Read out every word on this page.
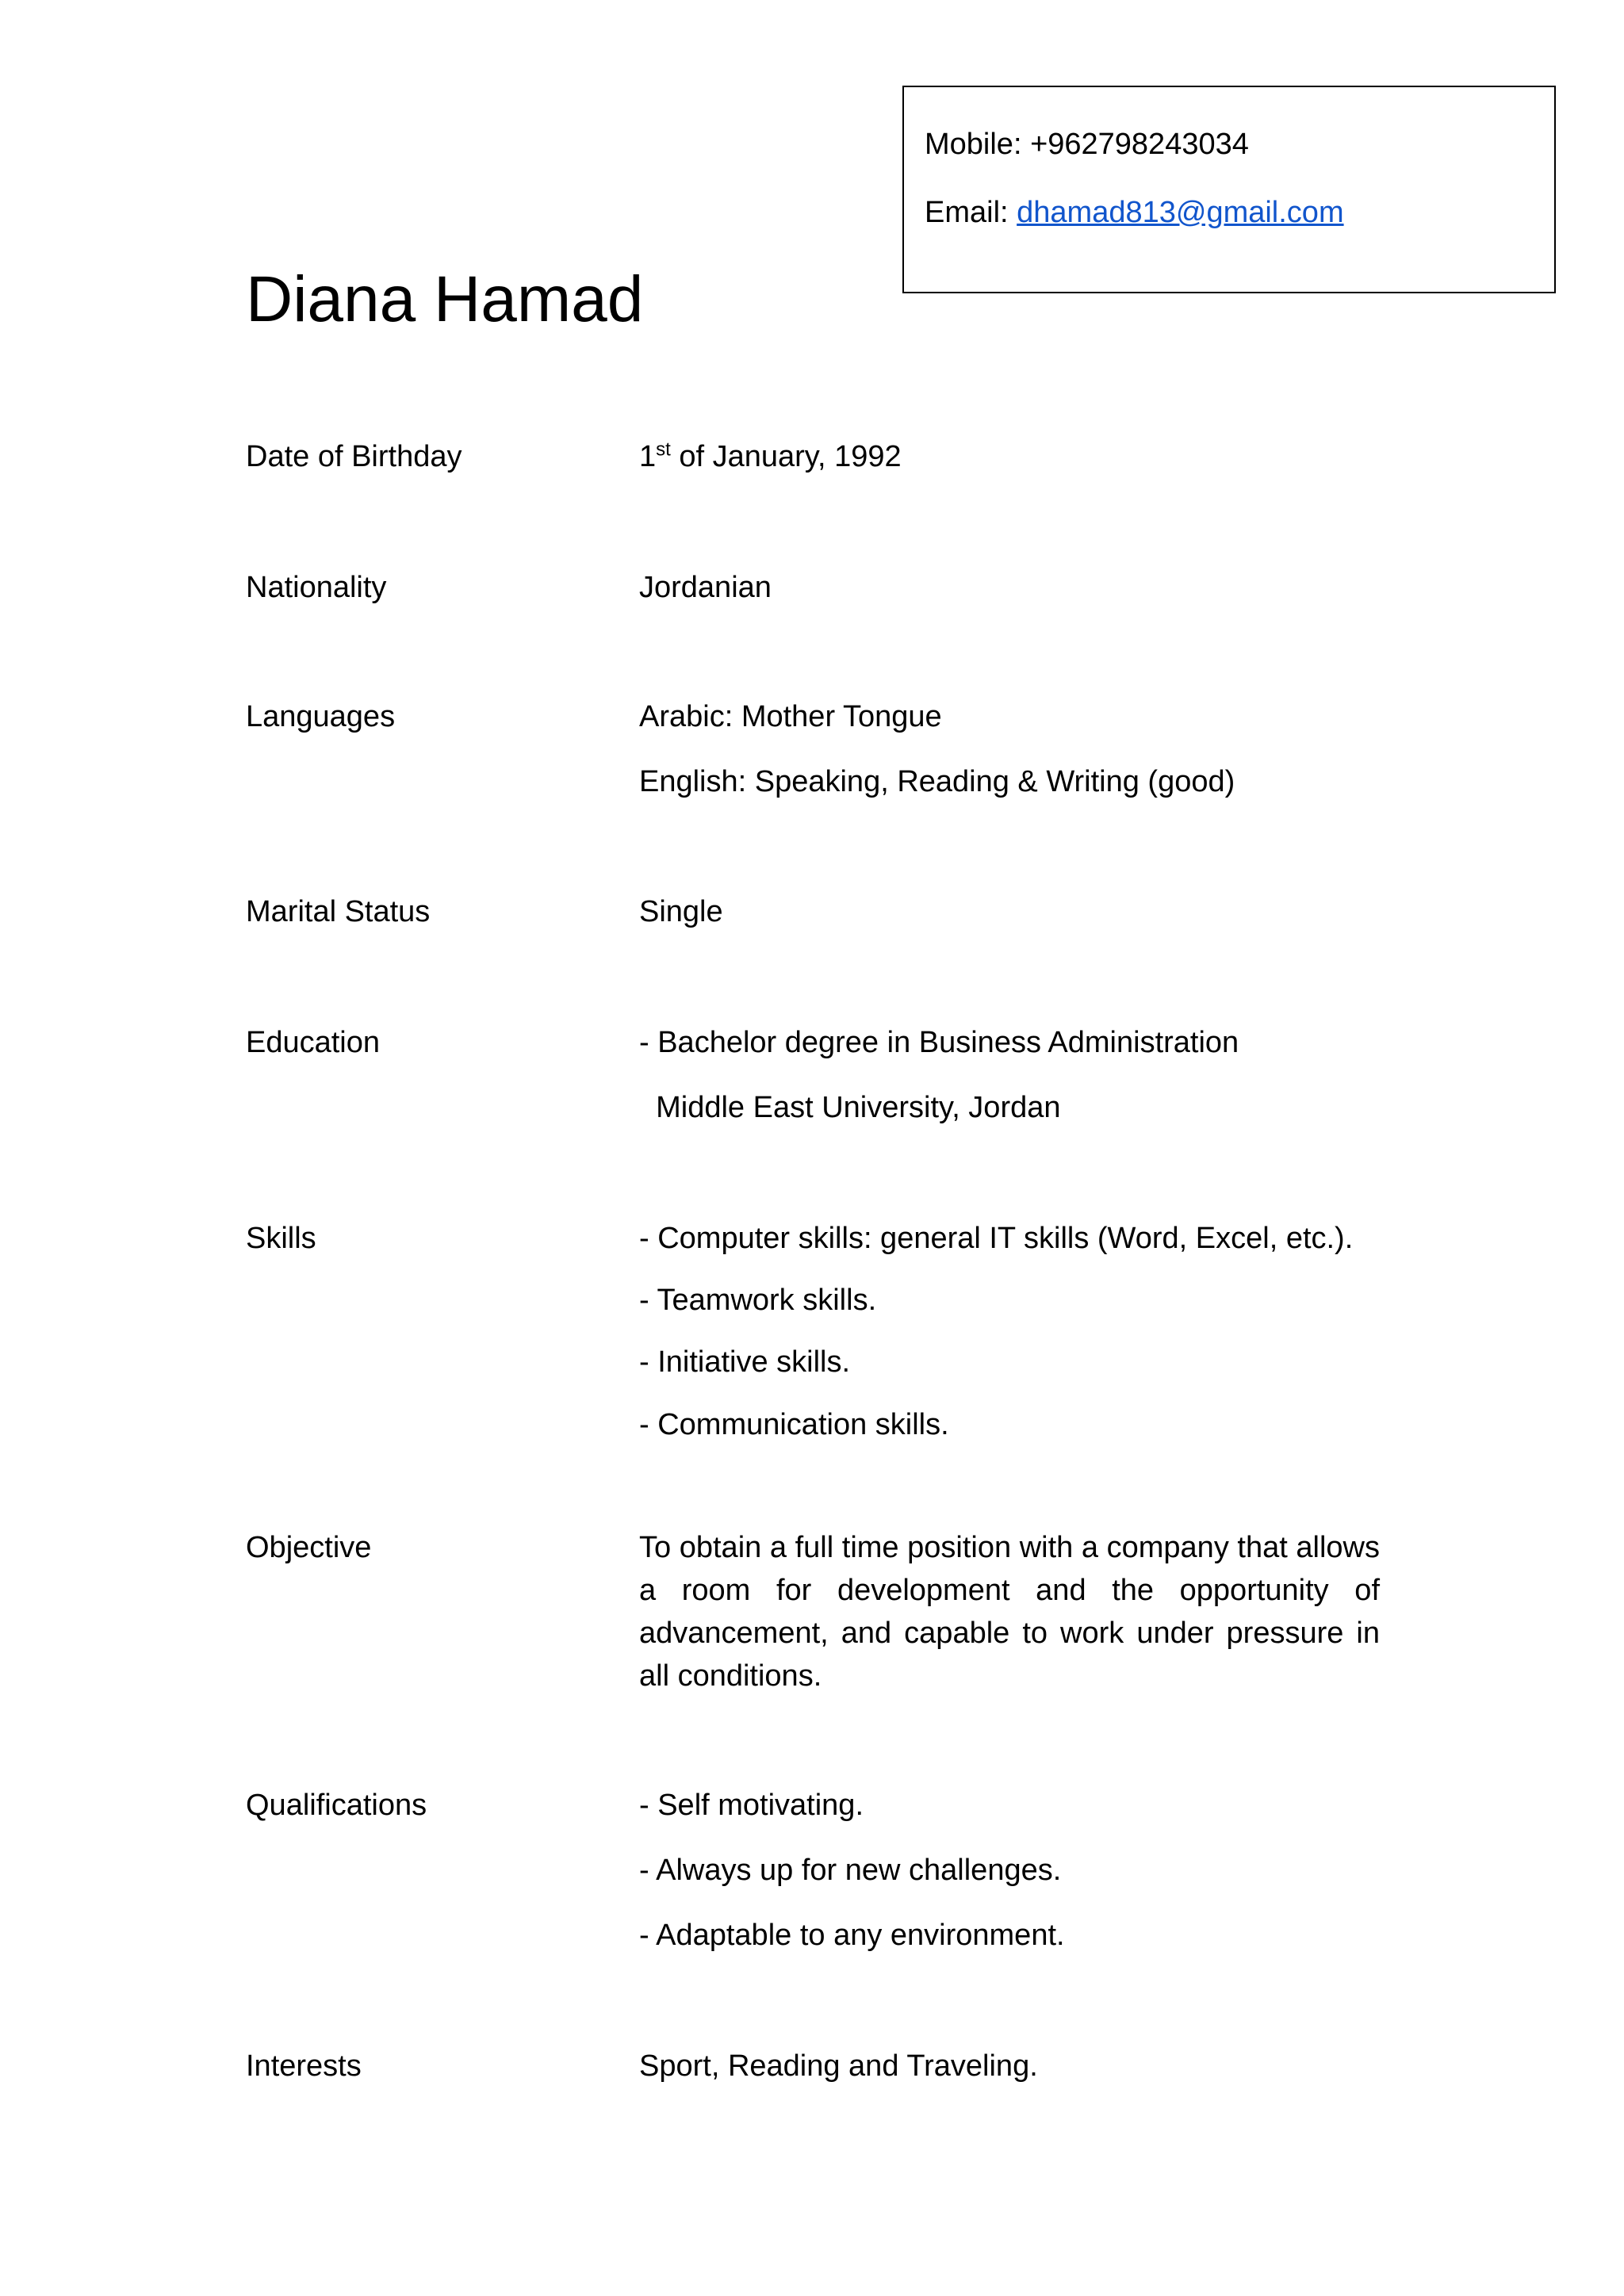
Mobile: +962798243034
Email: dhamad813@gmail.com
Diana Hamad
Date of Birthday	1st of January, 1992
Nationality	Jordanian
Languages	Arabic: Mother Tongue
English: Speaking, Reading & Writing (good)
Marital Status	Single
Education	- Bachelor degree in Business Administration
Middle East University, Jordan
Skills	- Computer skills: general IT skills (Word, Excel, etc.).
- Teamwork skills.
- Initiative skills.
- Communication skills.
Objective	To obtain a full time position with a company that allows a room for development and the opportunity of advancement, and capable to work under pressure in all conditions.
Qualifications	- Self motivating.
- Always up for new challenges.
- Adaptable to any environment.
Interests	Sport, Reading and Traveling.
